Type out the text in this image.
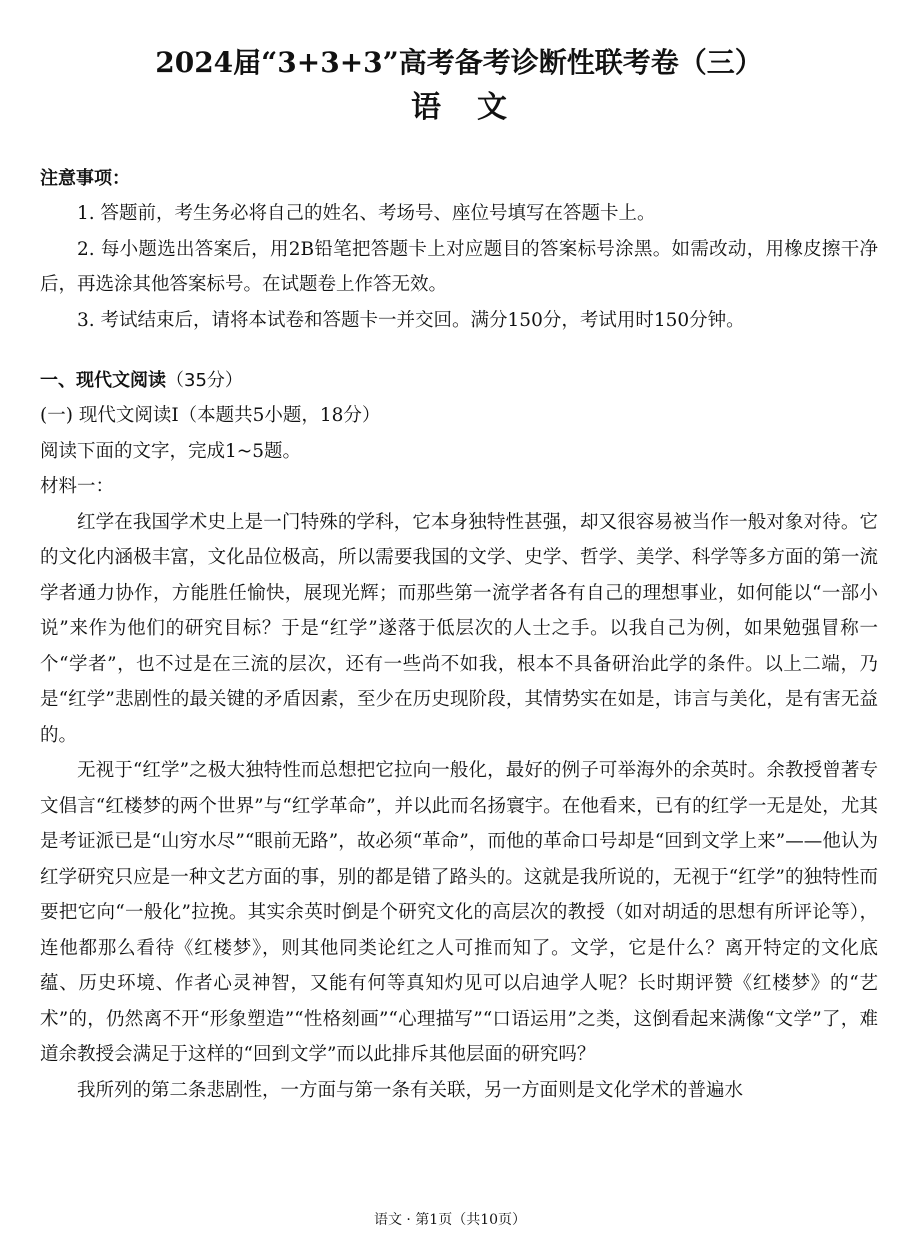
2024届“3+3+3”高考备考诊断性联考卷（三）
语文
注意事项：

1. 答题前，考生务必将自己的姓名、考场号、座位号填写在答题卡上。

2. 每小题选出答案后，用2B铅笔把答题卡上对应题目的答案标号涂黑。如需改动，用橡皮擦干净后，再选涂其他答案标号。在试题卷上作答无效。

3. 考试结束后，请将本试卷和答题卡一并交回。满分150分，考试用时150分钟。

一、现代文阅读（35分）

(一) 现代文阅读Ⅰ（本题共5小题，18分）

阅读下面的文字，完成1~5题。

材料一：

红学在我国学术史上是一门特殊的学科，它本身独特性甚强，却又很容易被当作一般对象对待。它的文化内涵极丰富，文化品位极高，所以需要我国的文学、史学、哲学、美学、科学等多方面的第一流学者通力协作，方能胜任愉快，展现光辉；而那些第一流学者各有自己的理想事业，如何能以“一部小说”来作为他们的研究目标？于是“红学”遂落于低层次的人士之手。以我自己为例，如果勉强冒称一个“学者”，也不过是在三流的层次，还有一些尚不如我，根本不具备研治此学的条件。以上二端，乃是“红学”悲剧性的最关键的矛盾因素，至少在历史现阶段，其情势实在如是，讳言与美化，是有害无益的。

无视于“红学”之极大独特性而总想把它拉向一般化，最好的例子可举海外的余英时。余教授曾著专文倡言“红楼梦的两个世界”与“红学革命”，并以此而名扬寰宇。在他看来，已有的红学一无是处，尤其是考证派已是“山穷水尽”“眼前无路”，故必须“革命”，而他的革命口号却是“回到文学上来”——他认为红学研究只应是一种文艺方面的事，别的都是错了路头的。这就是我所说的，无视于“红学”的独特性而要把它向“一般化”拉挽。其实余英时倒是个研究文化的高层次的教授（如对胡适的思想有所评论等），连他都那么看待《红楼梦》，则其他同类论红之人可推而知了。文学，它是什么？离开特定的文化底蕴、历史环境、作者心灵神智，又能有何等真知灼见可以启迪学人呢？长时期评赞《红楼梦》的“艺术”的，仍然离不开“形象塑造”“性格刻画”“心理描写”“口语运用”之类，这倒看起来满像“文学”了，难道余教授会满足于这样的“回到文学”而以此排斥其他层面的研究吗？

我所列的第二条悲剧性，一方面与第一条有关联，另一方面则是文化学术的普遍水

语文 · 第1页（共10页）
